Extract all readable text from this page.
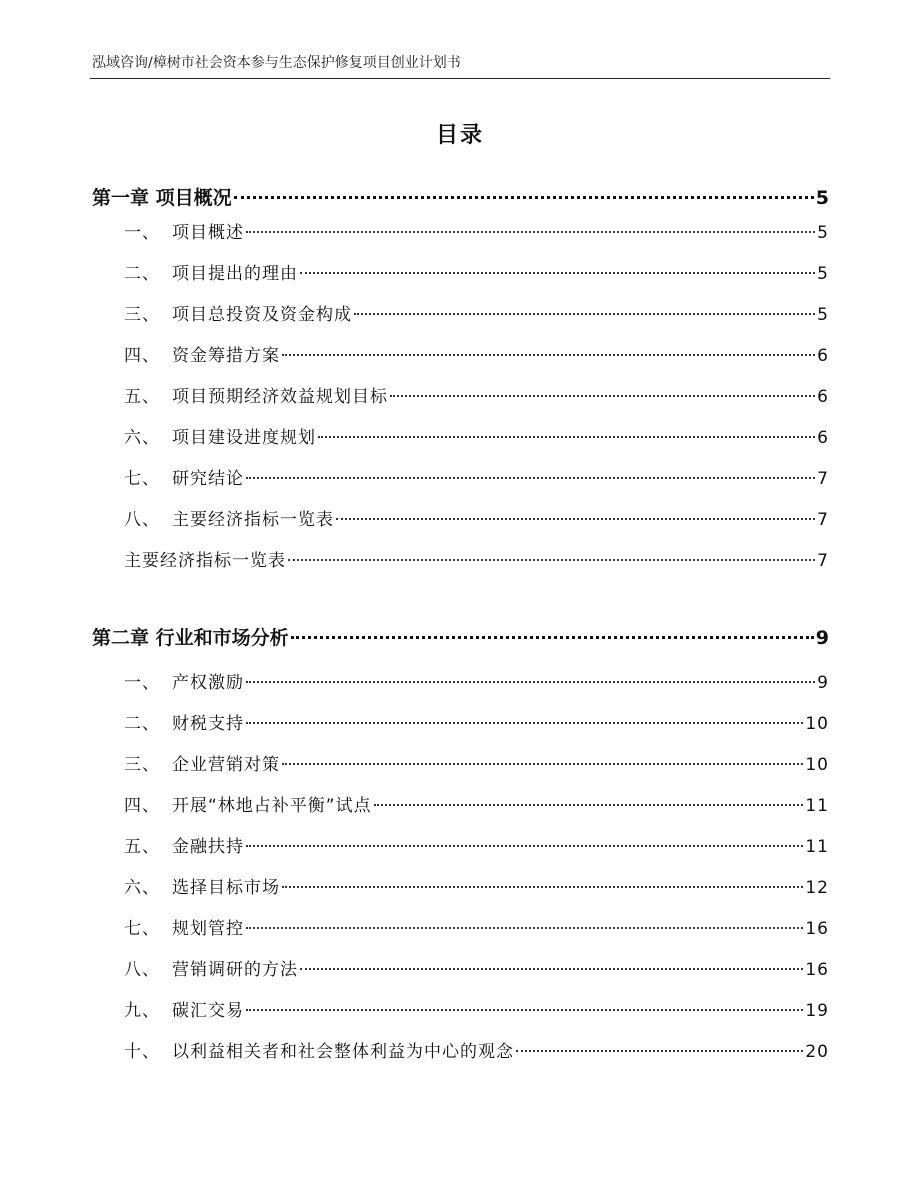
泓域咨询/樟树市社会资本参与生态保护修复项目创业计划书
目录
第一章 项目概况	5
一、 项目概述	5
二、 项目提出的理由	5
三、 项目总投资及资金构成	5
四、 资金筹措方案	6
五、 项目预期经济效益规划目标	6
六、 项目建设进度规划	6
七、 研究结论	7
八、 主要经济指标一览表	7
主要经济指标一览表	7
第二章 行业和市场分析	9
一、 产权激励	9
二、 财税支持	10
三、 企业营销对策	10
四、 开展“林地占补平衡”试点	11
五、 金融扶持	11
六、 选择目标市场	12
七、 规划管控	16
八、 营销调研的方法	16
九、 碳汇交易	19
十、 以利益相关者和社会整体利益为中心的观念	20
